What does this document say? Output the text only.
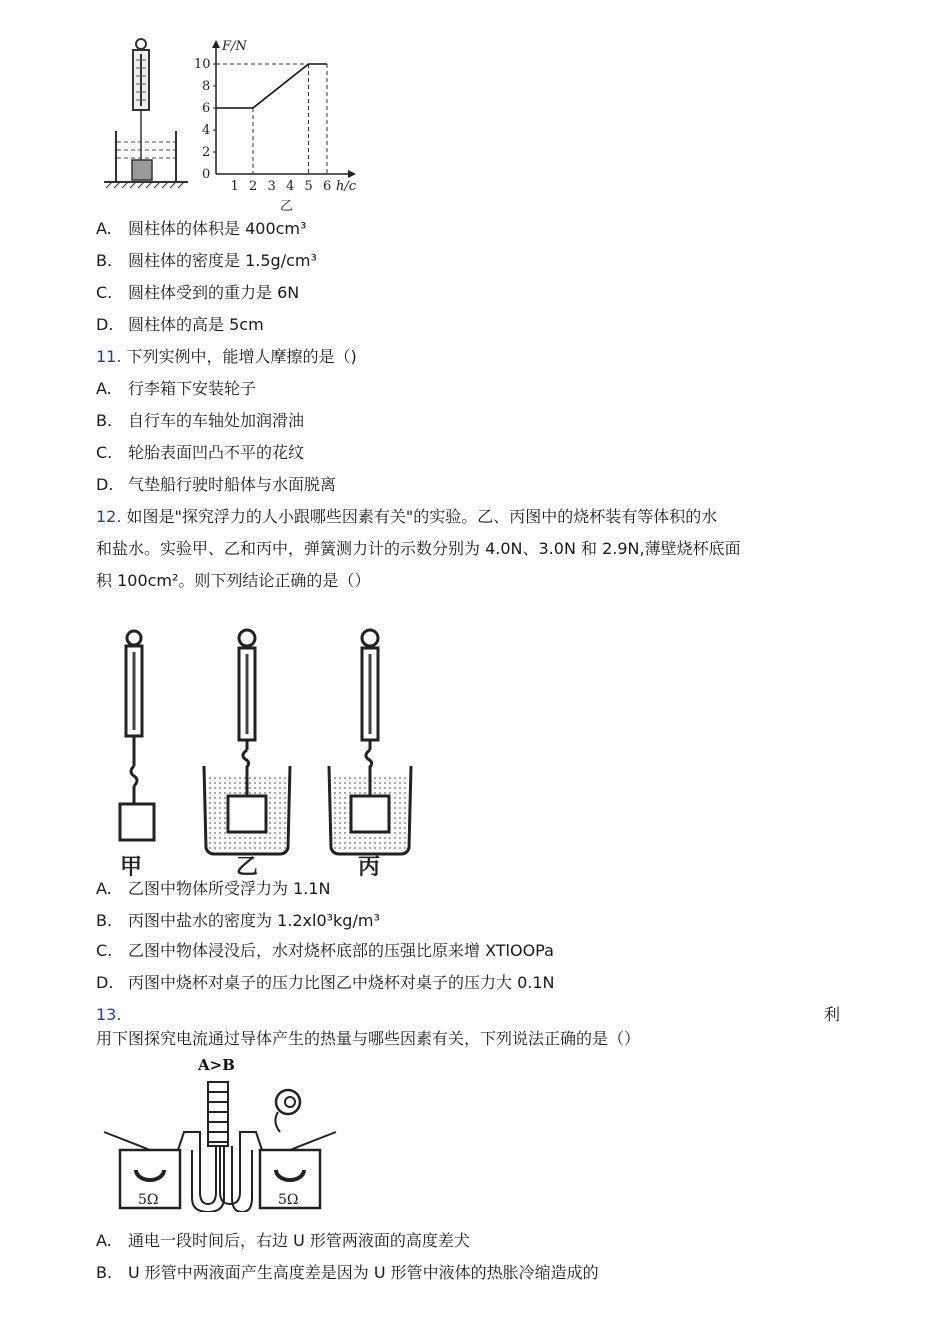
F/N
h/c
乙
1 2 3 4 5 6
0
2
4
6
8
10
A. 圆柱体的体积是 400cm³
B. 圆柱体的密度是 1.5g/cm³
C. 圆柱体受到的重力是 6N
D. 圆柱体的高是 5cm
11. 下列实例中，能增人摩擦的是（)
A. 行李箱下安装轮子
B. 自行车的车轴处加润滑油
C. 轮胎表面凹凸不平的花纹
D. 气垫船行驶时船体与水面脱离
12. 如图是"探究浮力的人小跟哪些因素有关"的实验。乙、丙图中的烧杯装有等体积的水
和盐水。实验甲、乙和丙中，弹簧测力计的示数分别为 4.0N、3.0N 和 2.9N,薄壁烧杯底面
积 100cm²。则下列结论正确的是（）
甲	乙	丙
A. 乙图中物体所受浮力为 1.1N
B. 丙图中盐水的密度为 1.2xl0³kg/m³
C. 乙图中物体浸没后，水对烧杯底部的压强比原来增 XTlOOPa
D. 丙图中烧杯对桌子的压力比图乙中烧杯对桌子的压力大 0.1N
13.	利
用下图探究电流通过导体产生的热量与哪些因素有关，下列说法正确的是（）
A>B
5Ω	5Ω
A. 通电一段时间后，右边 U 形管两液面的高度差犬
B. U 形管中两液面产生高度差是因为 U 形管中液体的热胀冷缩造成的
